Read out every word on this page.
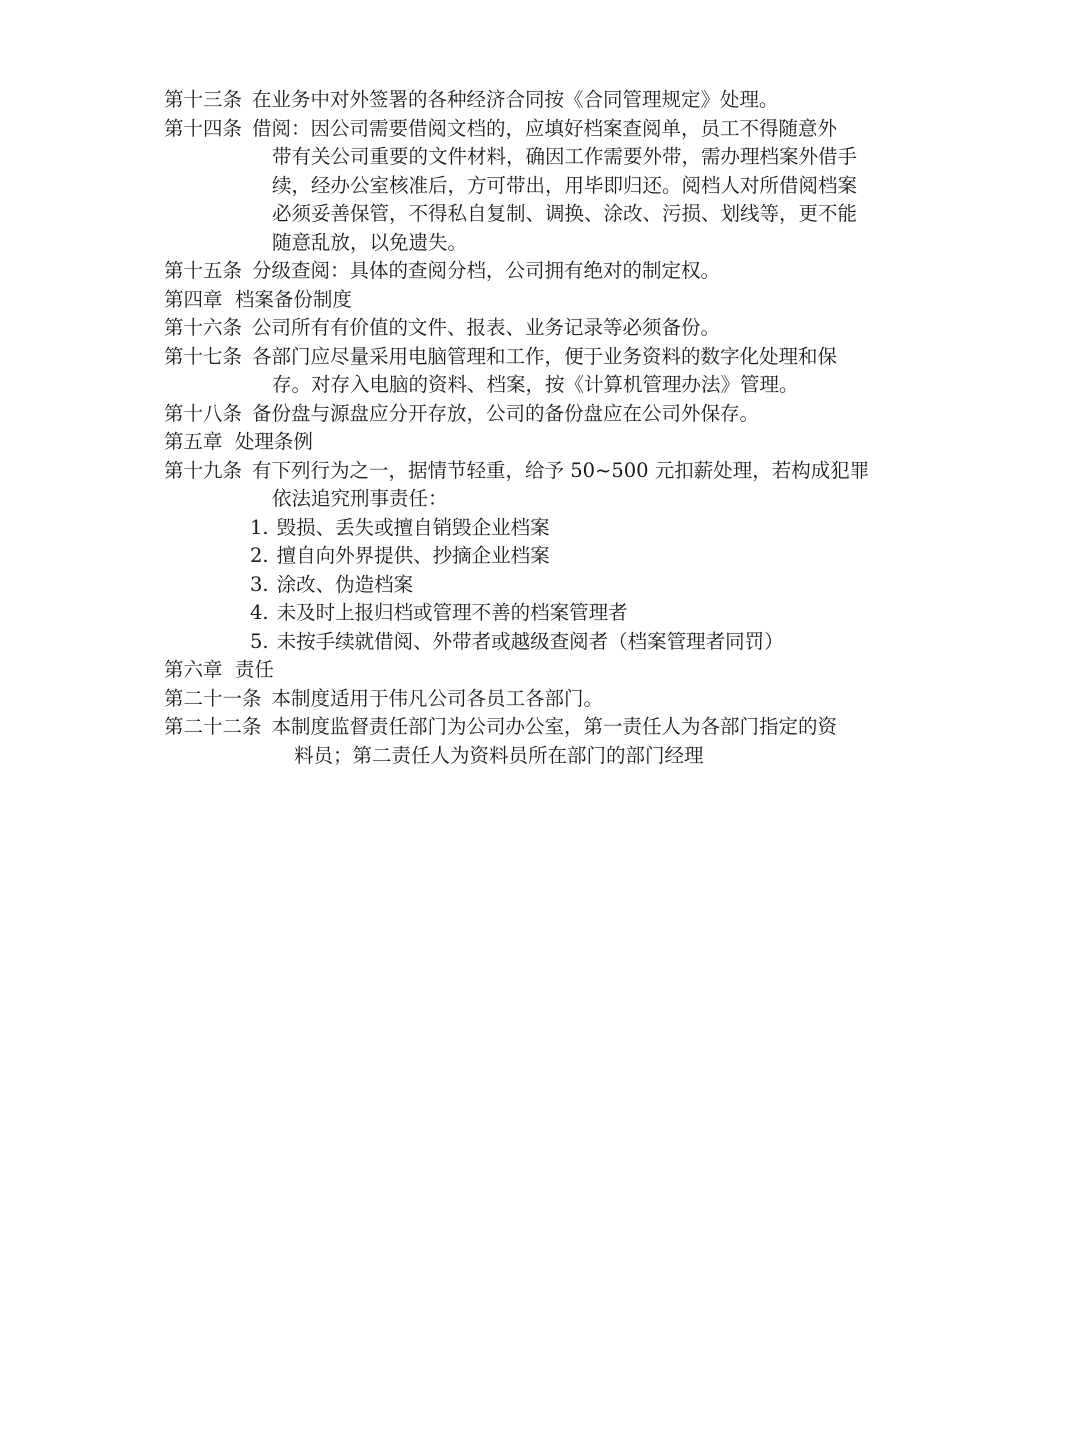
第十三条 在业务中对外签署的各种经济合同按《合同管理规定》处理。
第十四条 借阅：因公司需要借阅文档的，应填好档案查阅单，员工不得随意外
带有关公司重要的文件材料，确因工作需要外带，需办理档案外借手
续，经办公室核准后，方可带出，用毕即归还。阅档人对所借阅档案
必须妥善保管，不得私自复制、调换、涂改、污损、划线等，更不能
随意乱放，以免遗失。
第十五条 分级查阅：具体的查阅分档，公司拥有绝对的制定权。
第四章  档案备份制度
第十六条 公司所有有价值的文件、报表、业务记录等必须备份。
第十七条 各部门应尽量采用电脑管理和工作，便于业务资料的数字化处理和保
存。对存入电脑的资料、档案，按《计算机管理办法》管理。
第十八条 备份盘与源盘应分开存放，公司的备份盘应在公司外保存。
第五章  处理条例
第十九条 有下列行为之一，据情节轻重，给予 50~500 元扣薪处理，若构成犯罪
依法追究刑事责任：
1. 毁损、丢失或擅自销毁企业档案
2. 擅自向外界提供、抄摘企业档案
3. 涂改、伪造档案
4. 未及时上报归档或管理不善的档案管理者
5. 未按手续就借阅、外带者或越级查阅者（档案管理者同罚）
第六章  责任
第二十一条 本制度适用于伟凡公司各员工各部门。
第二十二条 本制度监督责任部门为公司办公室，第一责任人为各部门指定的资
料员；第二责任人为资料员所在部门的部门经理
